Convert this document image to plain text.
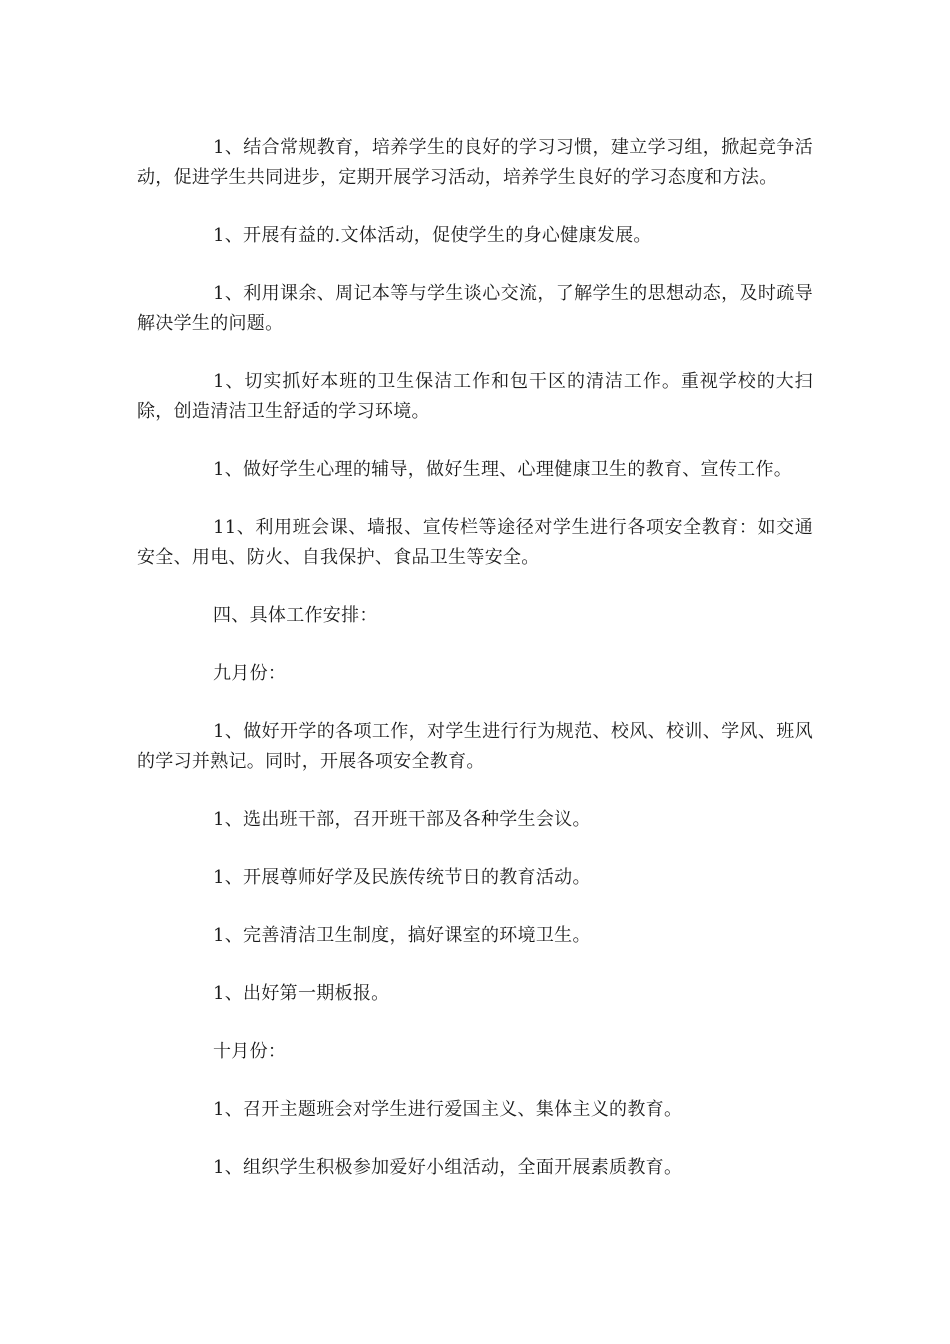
1、结合常规教育，培养学生的良好的学习习惯，建立学习组，掀起竞争活动，促进学生共同进步，定期开展学习活动，培养学生良好的学习态度和方法。

1、开展有益的.文体活动，促使学生的身心健康发展。

1、利用课余、周记本等与学生谈心交流，了解学生的思想动态，及时疏导解决学生的问题。

1、切实抓好本班的卫生保洁工作和包干区的清洁工作。重视学校的大扫除，创造清洁卫生舒适的学习环境。

1、做好学生心理的辅导，做好生理、心理健康卫生的教育、宣传工作。

11、利用班会课、墙报、宣传栏等途径对学生进行各项安全教育：如交通安全、用电、防火、自我保护、食品卫生等安全。

四、具体工作安排：

九月份：

1、做好开学的各项工作，对学生进行行为规范、校风、校训、学风、班风的学习并熟记。同时，开展各项安全教育。

1、选出班干部，召开班干部及各种学生会议。

1、开展尊师好学及民族传统节日的教育活动。

1、完善清洁卫生制度，搞好课室的环境卫生。

1、出好第一期板报。

十月份：

1、召开主题班会对学生进行爱国主义、集体主义的教育。

1、组织学生积极参加爱好小组活动，全面开展素质教育。
